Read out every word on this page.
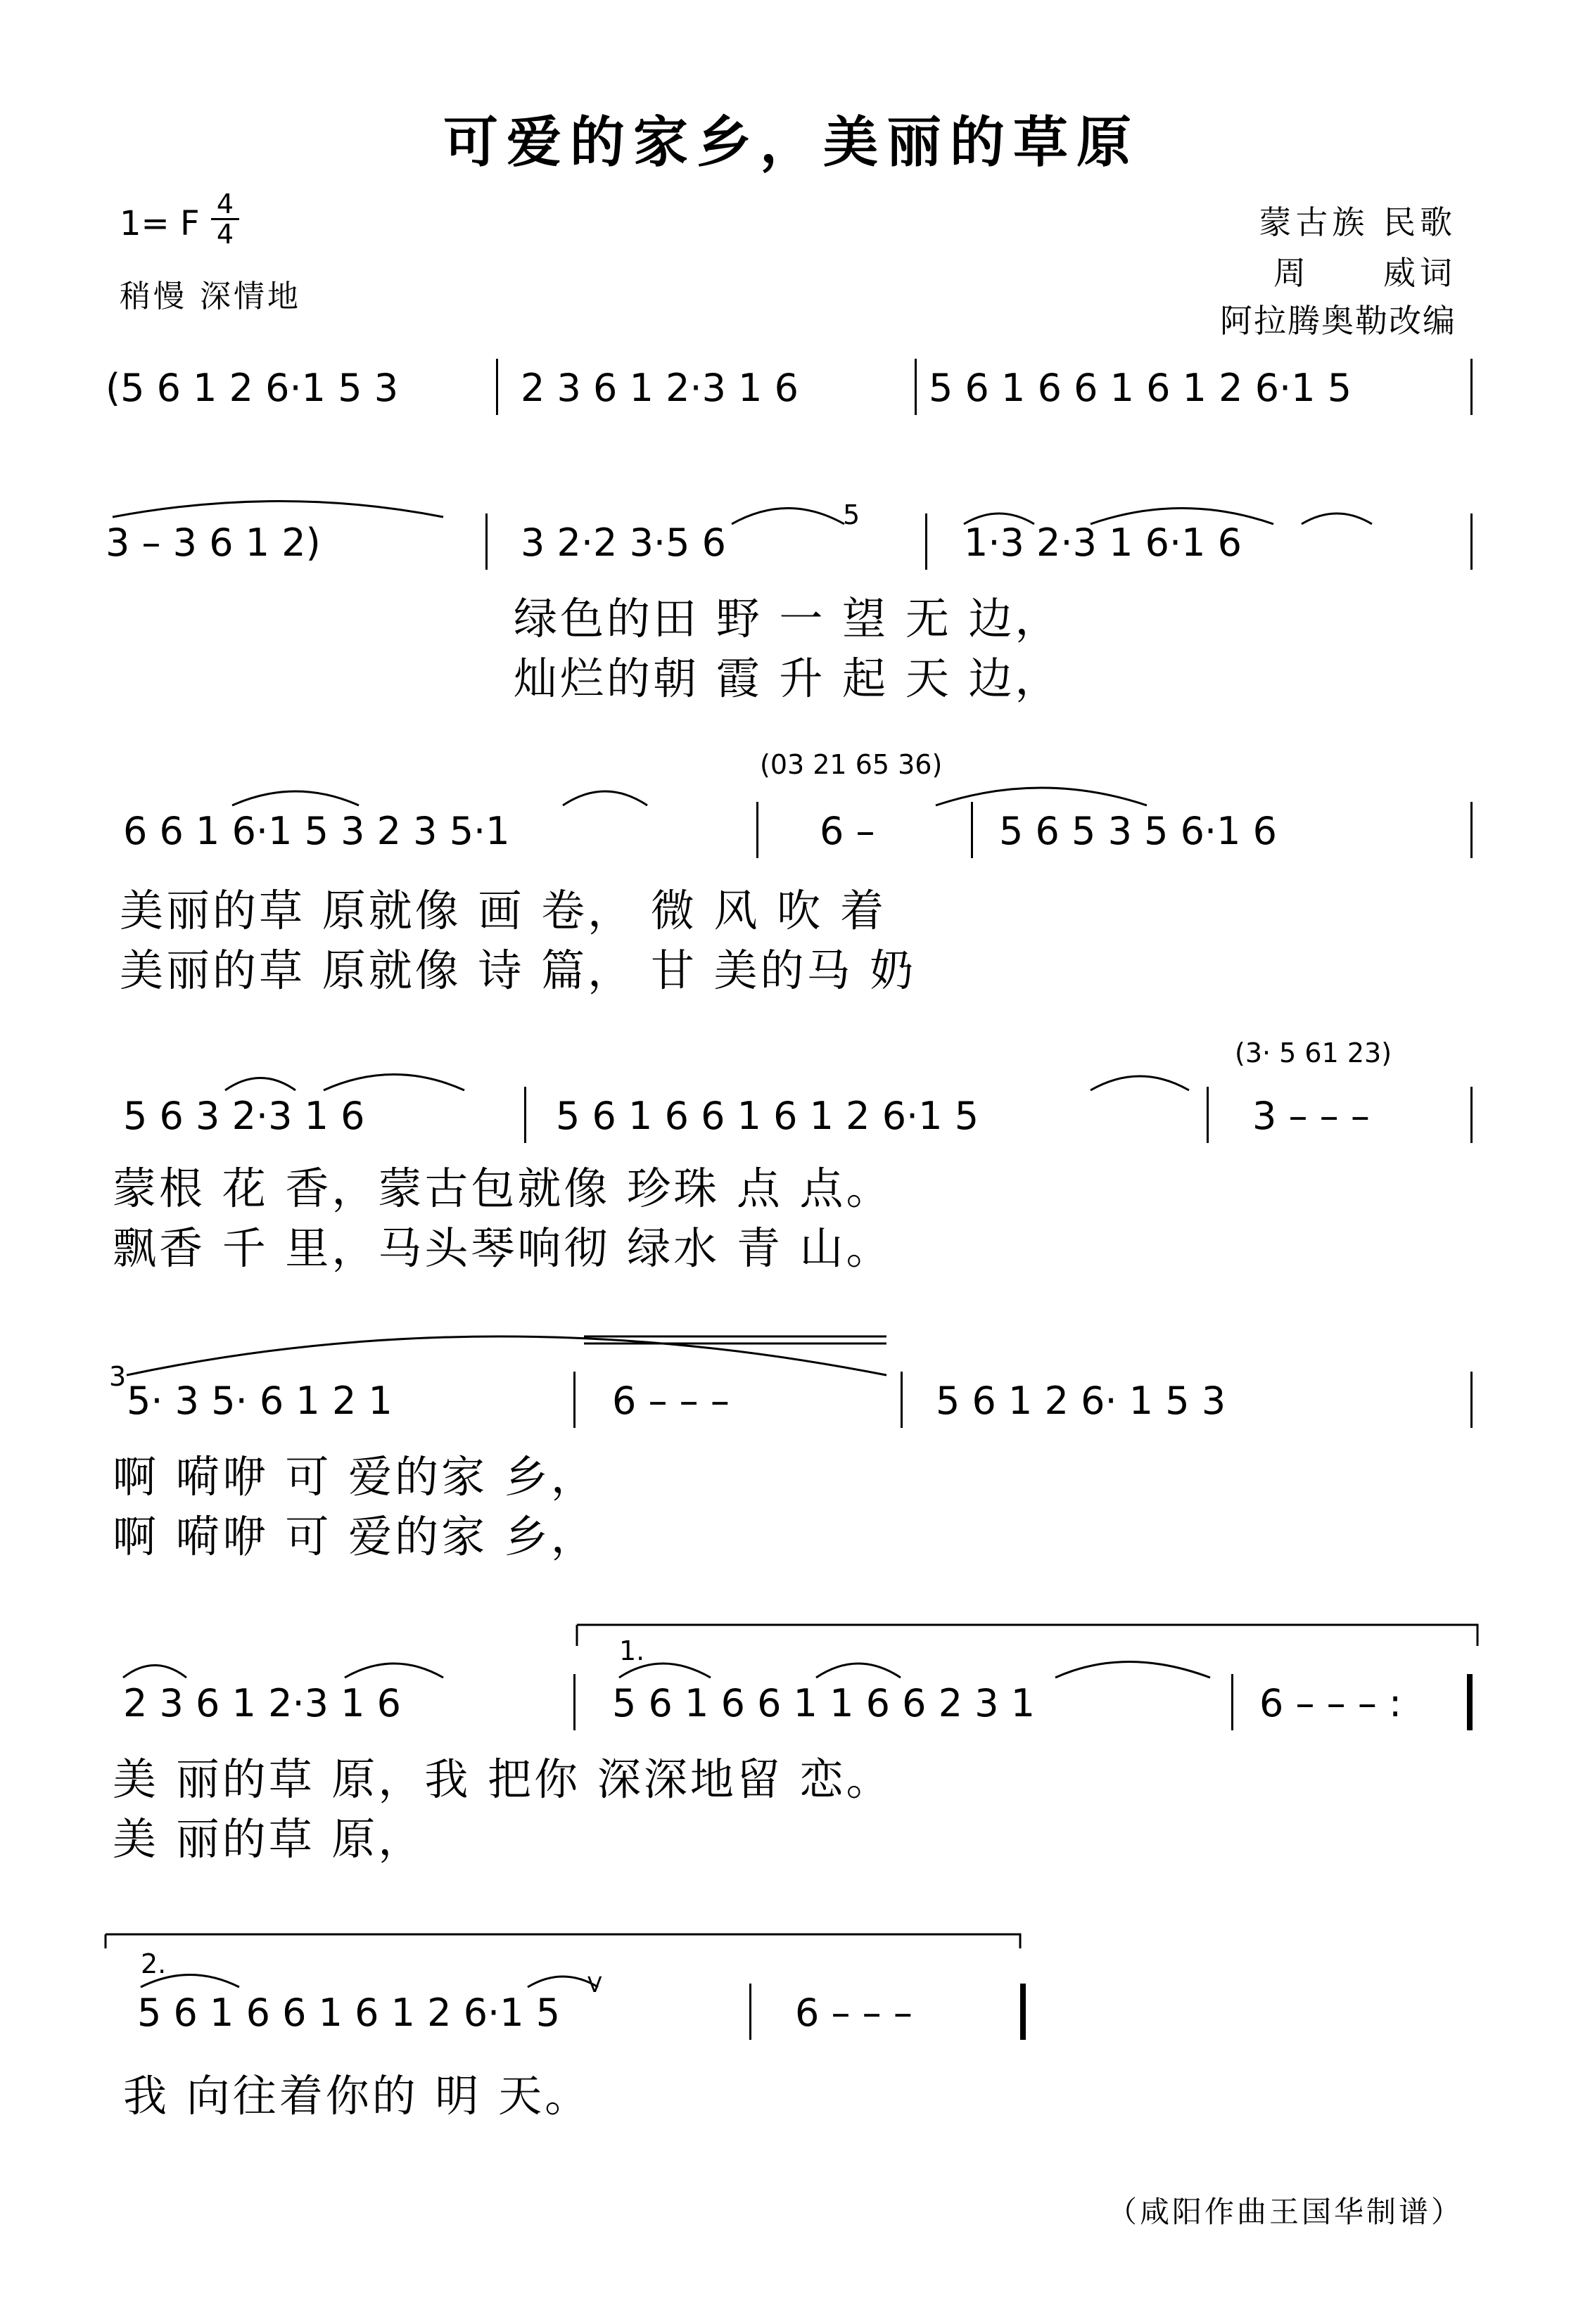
可爱的家乡，美丽的草原
1= F 4
4
稍慢 深情地
蒙古族 民歌
周　　威词
阿拉腾奥勒改编
(5 6 1 2 6·1 5 3	2 3 6 1 2·3 1 6	5 6 1 6 6 1 6 1 2 6·1 5
3 – 3 6 1 2)	3 2·2 3·5 6
5
1·3 2·3 1 6·1 6
绿色的田 野 一 望 无 边，
灿烂的朝 霞 升 起 天 边，
(03 21 65 36)
6 6 1 6·1 5 3 2 3 5·1	6 –	5 6 5 3 5 6·1 6
美丽的草 原就像 画 卷， 微 风 吹 着
美丽的草 原就像 诗 篇， 甘 美的马 奶
(3· 5 61 23)
5 6 3 2·3 1 6	5 6 1 6 6 1 6 1 2 6·1 5	3 – – –
蒙根 花 香，蒙古包就像 珍珠 点 点。
飘香 千 里，马头琴响彻 绿水 青 山。
3
5· 3 5· 6 1 2 1	6 – – –	5 6 1 2 6· 1 5 3
啊 嗬咿 可 爱的家 乡，
啊 嗬咿 可 爱的家 乡，
1.
2 3 6 1 2·3 1 6	5 6 1 6 6 1 1 6 6 2 3 1	6 – – – :
美 丽的草 原，我 把你 深深地留 恋。
美 丽的草 原，
2.
5 6 1 6 6 1 6 1 2 6·1 5
V
6 – – –
我 向往着你的 明 天。
（咸阳作曲王国华制谱）
